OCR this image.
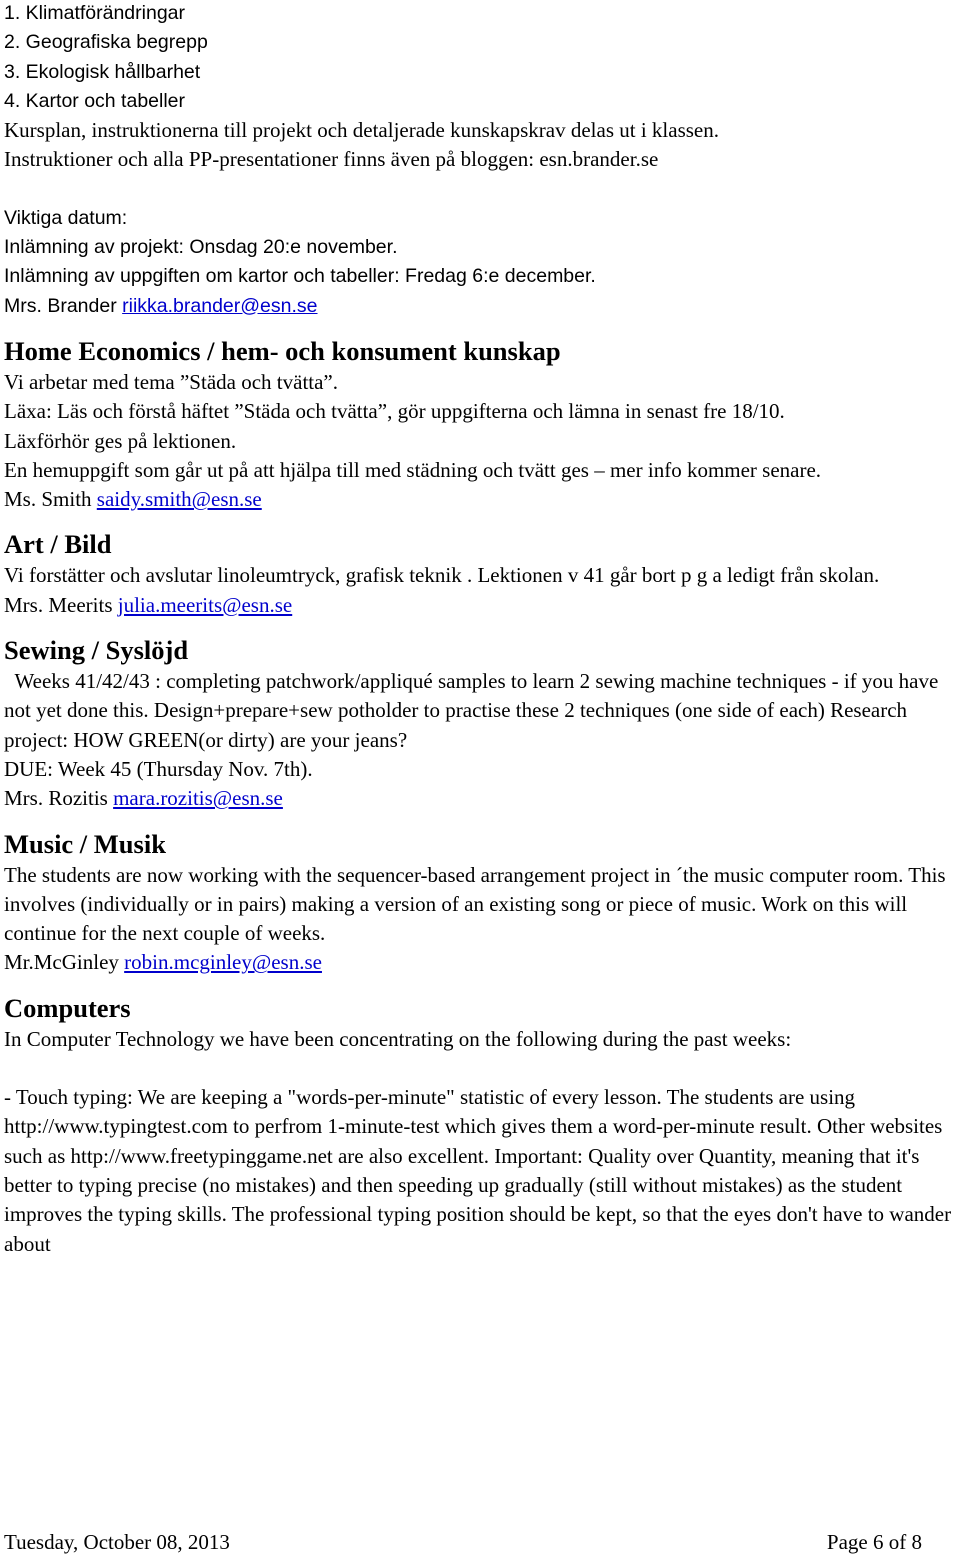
1. Klimatförändringar

2. Geografiska begrepp

3. Ekologisk hållbarhet

4. Kartor och tabeller

Kursplan, instruktionerna till projekt och detaljerade kunskapskrav delas ut i klassen.

Instruktioner och alla PP-presentationer finns även på bloggen: esn.brander.se

Viktiga datum:

Inlämning av projekt: Onsdag 20:e november.

Inlämning av uppgiften om kartor och tabeller: Fredag 6:e december.

Mrs. Brander riikka.brander@esn.se

Home Economics / hem- och konsument kunskap

Vi arbetar med tema ”Städa och tvätta”.

Läxa: Läs och förstå häftet ”Städa och tvätta”, gör uppgifterna och lämna in senast fre 18/10.

Läxförhör ges på lektionen.

En hemuppgift som går ut på att hjälpa till med städning och tvätt ges – mer info kommer senare.

Ms. Smith saidy.smith@esn.se

Art / Bild

Vi forstätter och avslutar linoleumtryck, grafisk teknik . Lektionen v 41 går bort p g a ledigt från skolan.

Mrs. Meerits julia.meerits@esn.se

Sewing / Syslöjd

Weeks 41/42/43 : completing patchwork/appliqué samples to learn 2 sewing machine techniques - if you have not yet done this. Design+prepare+sew potholder to practise these 2 techniques (one side of each) Research project: HOW GREEN(or dirty) are your jeans?

DUE: Week 45 (Thursday Nov. 7th).

Mrs. Rozitis mara.rozitis@esn.se

Music / Musik

The students are now working with the sequencer-based arrangement project in ´the music computer room. This involves (individually or in pairs) making a version of an existing song or piece of music. Work on this will continue for the next couple of weeks.

Mr.McGinley robin.mcginley@esn.se

Computers

In Computer Technology we have been concentrating on the following during the past weeks:

- Touch typing: We are keeping a "words-per-minute" statistic of every lesson. The students are using http://www.typingtest.com to perfrom 1-minute-test which gives them a word-per-minute result. Other websites such as http://www.freetypinggame.net are also excellent. Important: Quality over Quantity, meaning that it's better to typing precise (no mistakes) and then speeding up gradually (still without mistakes) as the student improves the typing skills. The professional typing position should be kept, so that the eyes don't have to wander about

Tuesday, October 08, 2013	Page 6 of 8
